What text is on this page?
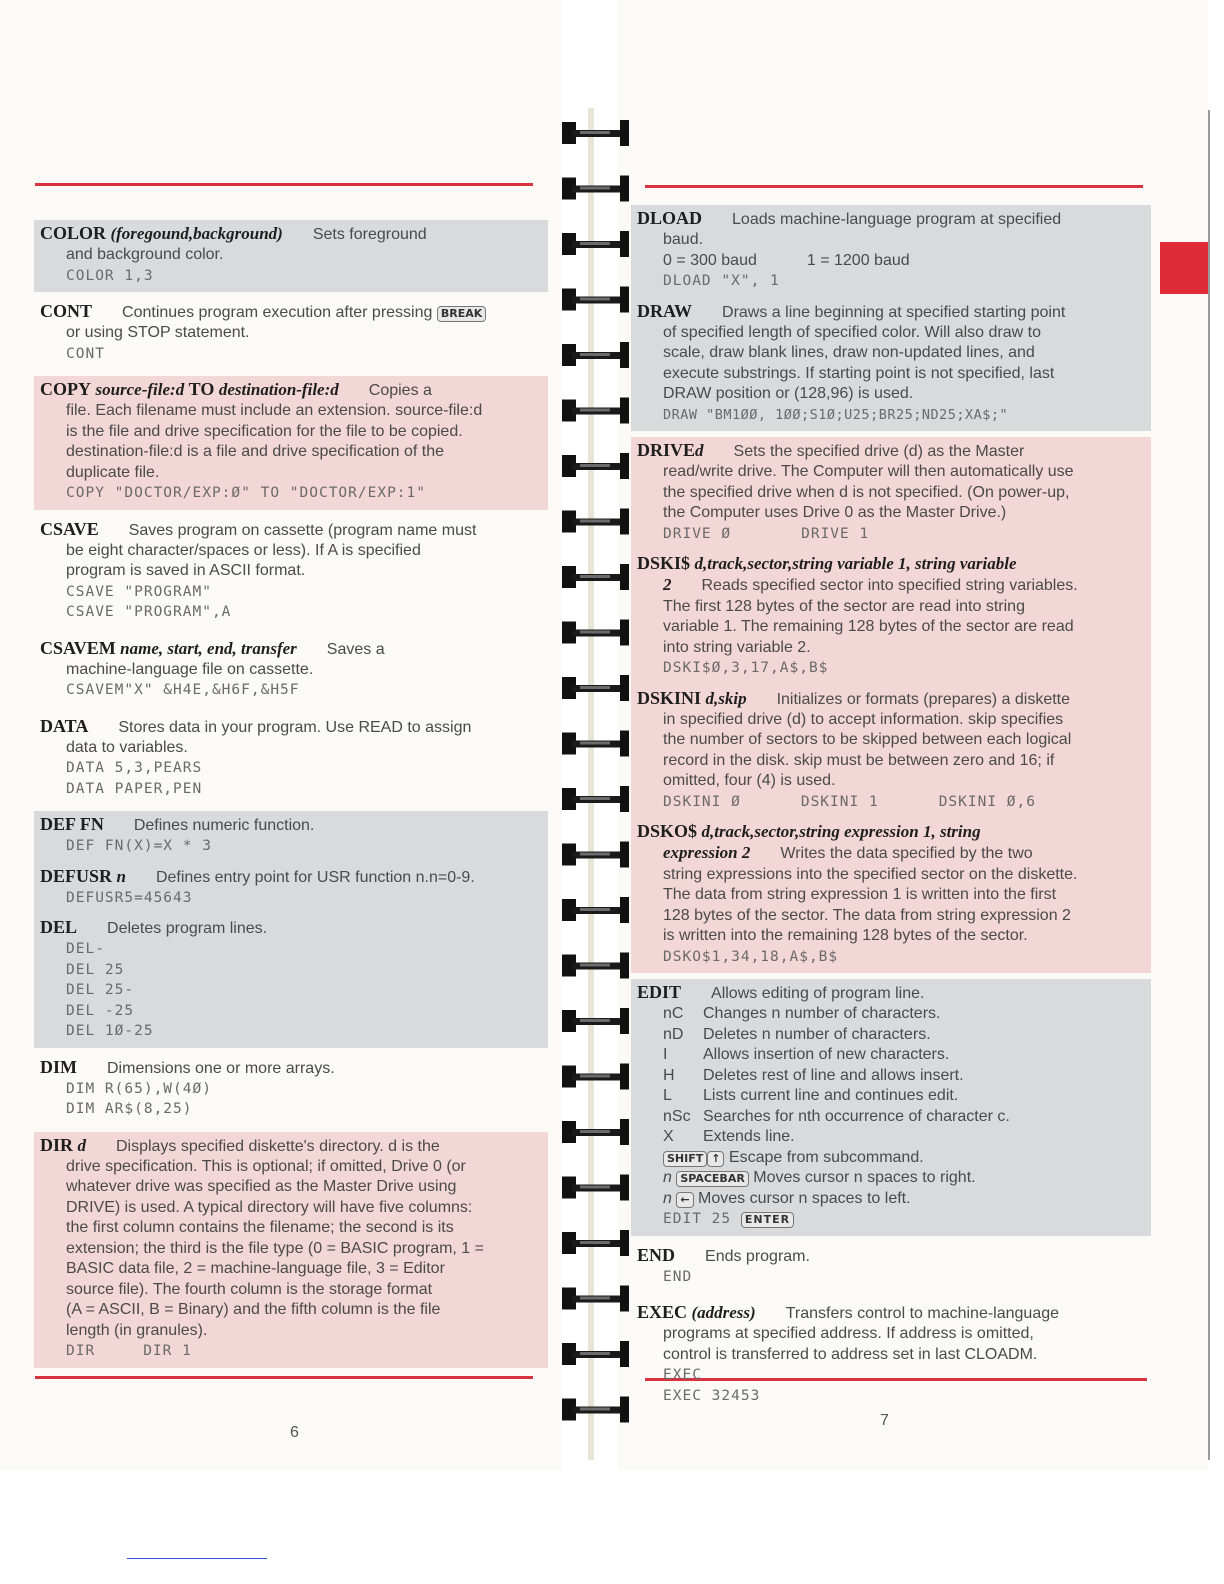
COLOR (foregound,background) Sets foreground
and background color.
COLOR 1,3
CONT Continues program execution after pressing BREAK
or using STOP statement.
CONT
COPY source-file:d TO destination-file:d Copies a
file. Each filename must include an extension. source-file:d
is the file and drive specification for the file to be copied.
destination-file:d is a file and drive specification of the
duplicate file.
COPY "DOCTOR/EXP:Ø" TO "DOCTOR/EXP:1"
CSAVE Saves program on cassette (program name must
be eight character/spaces or less). If A is specified
program is saved in ASCII format.
CSAVE "PROGRAM"
CSAVE "PROGRAM",A
CSAVEM name, start, end, transfer Saves a
machine-language file on cassette.
CSAVEM"X" &H4E,&H6F,&H5F
DATA Stores data in your program. Use READ to assign
data to variables.
DATA 5,3,PEARS
DATA PAPER,PEN
DEF FN Defines numeric function.
DEF FN(X)=X * 3
DEFUSR n Defines entry point for USR function n.n=0-9.
DEFUSR5=45643
DEL Deletes program lines.
DEL-
DEL 25
DEL 25-
DEL -25
DEL 1Ø-25
DIM Dimensions one or more arrays.
DIM R(65),W(4Ø)
DIM AR$(8,25)
DIR d Displays specified diskette's directory. d is the
drive specification. This is optional; if omitted, Drive 0 (or
whatever drive was specified as the Master Drive using
DRIVE) is used. A typical directory will have five columns:
the first column contains the filename; the second is its
extension; the third is the file type (0 = BASIC program, 1 =
BASIC data file, 2 = machine-language file, 3 = Editor
source file). The fourth column is the storage format
(A = ASCII, B = Binary) and the fifth column is the file
length (in granules).
DIR	DIR 1
6
DLOAD Loads machine-language program at specified
baud.
0 = 300 baud	1 = 1200 baud
DLOAD "X", 1
DRAW Draws a line beginning at specified starting point
of specified length of specified color. Will also draw to
scale, draw blank lines, draw non-updated lines, and
execute substrings. If starting point is not specified, last
DRAW position or (128,96) is used.
DRAW "BM1ØØ, 1ØØ;S1Ø;U25;BR25;ND25;XA$;"
DRIVEd Sets the specified drive (d) as the Master
read/write drive. The Computer will then automatically use
the specified drive when d is not specified. (On power-up,
the Computer uses Drive 0 as the Master Drive.)
DRIVE Ø	DRIVE 1
DSKI$ d,track,sector,string variable 1, string variable
2 Reads specified sector into specified string variables.
The first 128 bytes of the sector are read into string
variable 1. The remaining 128 bytes of the sector are read
into string variable 2.
DSKI$Ø,3,17,A$,B$
DSKINI d,skip Initializes or formats (prepares) a diskette
in specified drive (d) to accept information. skip specifies
the number of sectors to be skipped between each logical
record in the disk. skip must be between zero and 16; if
omitted, four (4) is used.
DSKINI Ø	DSKINI 1	DSKINI Ø,6
DSKO$ d,track,sector,string expression 1, string
expression 2 Writes the data specified by the two
string expressions into the specified sector on the diskette.
The data from string expression 1 is written into the first
128 bytes of the sector. The data from string expression 2
is written into the remaining 128 bytes of the sector.
DSKO$1,34,18,A$,B$
EDIT Allows editing of program line.
nC Changes n number of characters.
nD Deletes n number of characters.
I Allows insertion of new characters.
H Deletes rest of line and allows insert.
L Lists current line and continues edit.
nSc Searches for nth occurrence of character c.
X Extends line.
SHIFT ↑ Escape from subcommand.
n SPACEBAR Moves cursor n spaces to right.
n ← Moves cursor n spaces to left.
EDIT 25 ENTER
END Ends program.
END
EXEC (address) Transfers control to machine-language
programs at specified address. If address is omitted,
control is transferred to address set in last CLOADM.
EXEC
EXEC 32453
7
